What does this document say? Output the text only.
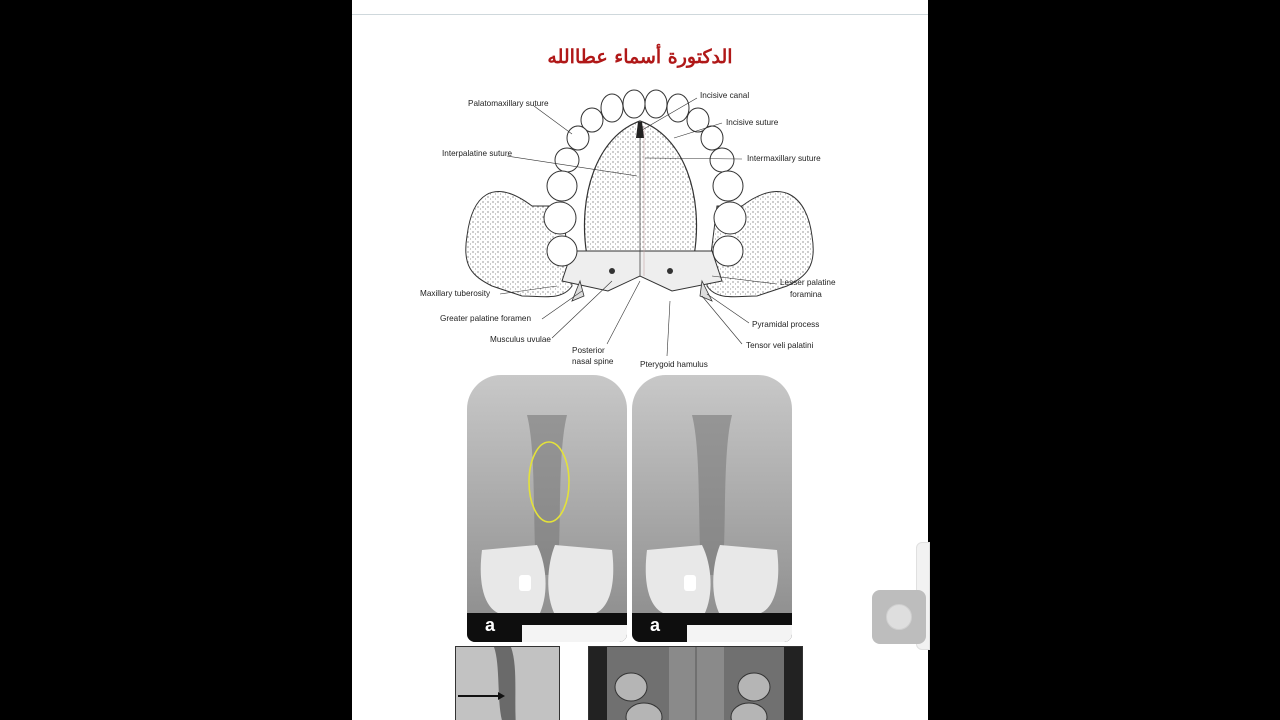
الدكتورة أسماء عطاالله
Palatomaxillary suture
Incisive canal
Incisive suture
Interpalatine suture
Intermaxillary suture
Maxillary tuberosity
Lesser palatine
foramina
Greater palatine foramen
Pyramidal process
Musculus uvulae
Tensor veli palatini
Posterior
nasal spine	Pterygoid hamulus
a	a
